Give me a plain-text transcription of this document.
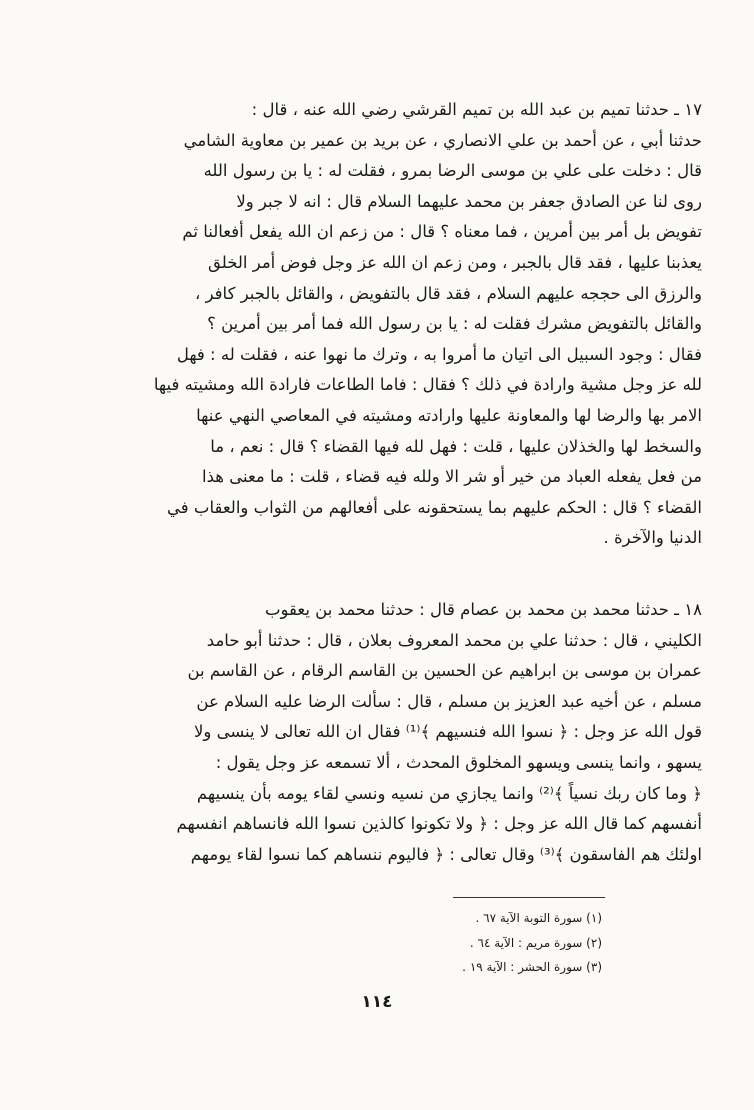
١٧ ـ حدثنا تميم بن عبد الله بن تميم القرشي رضي الله عنه ، قال :
حدثنا أبي ، عن أحمد بن علي الانصاري ، عن بريد بن عمير بن معاوية الشامي
قال : دخلت على علي بن موسى الرضا بمرو ، فقلت له : يا بن رسول الله
روى لنا عن الصادق جعفر بن محمد عليهما السلام قال : انه لا جبر ولا
تفويض بل أمر بين أمرين ، فما معناه ؟ قال : من زعم ان الله يفعل أفعالنا ثم
يعذبنا عليها ، فقد قال بالجبر ، ومن زعم ان الله عز وجل فوض أمر الخلق
والرزق الى حججه عليهم السلام ، فقد قال بالتفويض ، والقائل بالجبر كافر ،
والقائل بالتفويض مشرك فقلت له : يا بن رسول الله فما أمر بين أمرين ؟
فقال : وجود السبيل الى اتيان ما أمروا به ، وترك ما نهوا عنه ، فقلت له : فهل
لله عز وجل مشية وارادة في ذلك ؟ فقال : فاما الطاعات فارادة الله ومشيته فيها
الامر بها والرضا لها والمعاونة عليها وارادته ومشيته في المعاصي النهي عنها
والسخط لها والخذلان عليها ، قلت : فهل لله فيها القضاء ؟ قال : نعم ، ما
من فعل يفعله العباد من خير أو شر الا ولله فيه قضاء ، قلت : ما معنى هذا
القضاء ؟ قال : الحكم عليهم بما يستحقونه على أفعالهم من الثواب والعقاب في
الدنيا والآخرة .
١٨ ـ حدثنا محمد بن محمد بن عصام قال : حدثنا محمد بن يعقوب
الكليني ، قال : حدثنا علي بن محمد المعروف بعلان ، قال : حدثنا أبو حامد
عمران بن موسى بن ابراهيم عن الحسين بن القاسم الرقام ، عن القاسم بن
مسلم ، عن أخيه عبد العزيز بن مسلم ، قال : سألت الرضا عليه السلام عن
قول الله عز وجل : ﴿ نسوا الله فنسيهم ﴾⁽¹⁾ فقال ان الله تعالى لا ينسى ولا
يسهو ، وانما ينسى ويسهو المخلوق المحدث ، ألا تسمعه عز وجل يقول :
﴿ وما كان ربك نسياً ﴾⁽²⁾ وانما يجازي من نسيه ونسي لقاء يومه بأن ينسيهم
أنفسهم كما قال الله عز وجل : ﴿ ولا تكونوا كالذين نسوا الله فانساهم انفسهم
اولئك هم الفاسقون ﴾⁽³⁾ وقال تعالى : ﴿ فاليوم ننساهم كما نسوا لقاء يومهم
(١) سورة التوبة الآية ٦٧ .
(٢) سورة مريم : الآية ٦٤ .
(٣) سورة الحشر : الآية ١٩ .
١١٤
